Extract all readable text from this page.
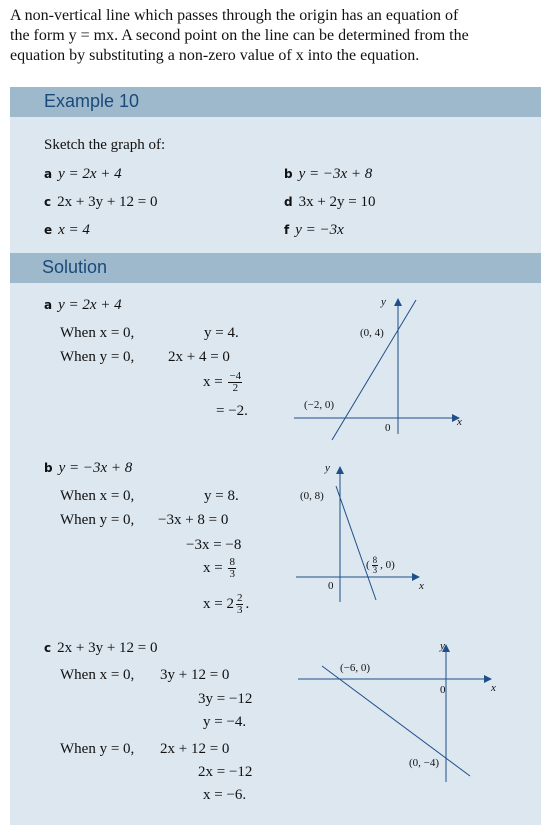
A non-vertical line which passes through the origin has an equation of
the form y = mx. A second point on the line can be determined from the
equation by substituting a non-zero value of x into the equation.
Example 10
Sketch the graph of:
a y = 2x + 4	b y = −3x + 8
c 2x + 3y + 12 = 0	d 3x + 2y = 10
e x = 4	f y = −3x
Solution
a y = 2x + 4
When x = 0,	y = 4.
When y = 0, 2x + 4 = 0
$x = \frac{-4}{2}$
= −2.
(0, 4)
(−2, 0)
0	x
y
b y = −3x + 8
When x = 0,	y = 8.
When y = 0, −3x + 8 = 0
−3x = −8
$x = \frac{8}{3}$
$x = 2 \frac{2}{3}$ .
(0, 8)
( $\frac{8}{3}$ , 0)
0	x
y
c 2x + 3y + 12 = 0
When x = 0, 3y + 12 = 0
3y = −12
y = −4.
When y = 0, 2x + 12 = 0
2x = −12
x = −6.
(−6, 0)
(0, −4)
0	x
y
